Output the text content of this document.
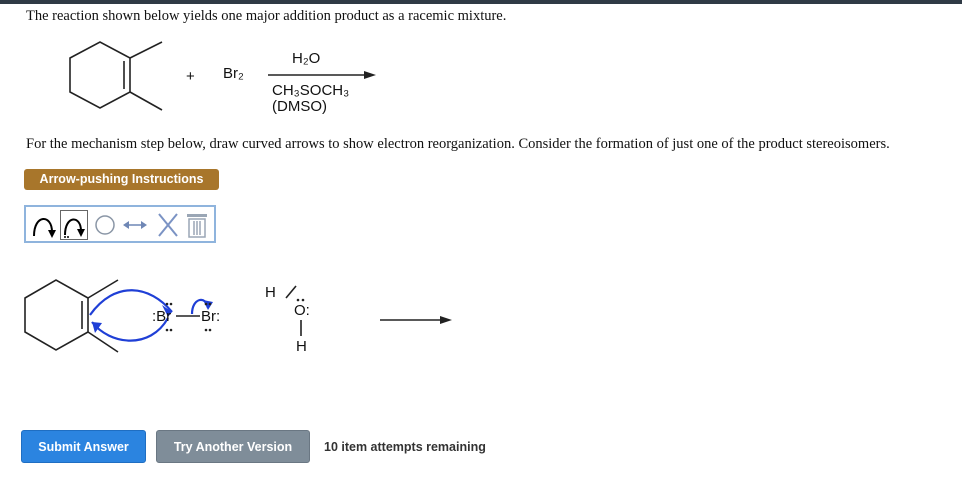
The reaction shown below yields one major addition product as a racemic mixture.
+ Br₂
H₂O
CH₃SOCH₃
(DMSO)
For the mechanism step below, draw curved arrows to show electron reorganization. Consider the formation of just one of the product stereoisomers.
Arrow-pushing Instructions
:Br Br:
H
O:
H
Submit Answer	Try Another Version	10 item attempts remaining
